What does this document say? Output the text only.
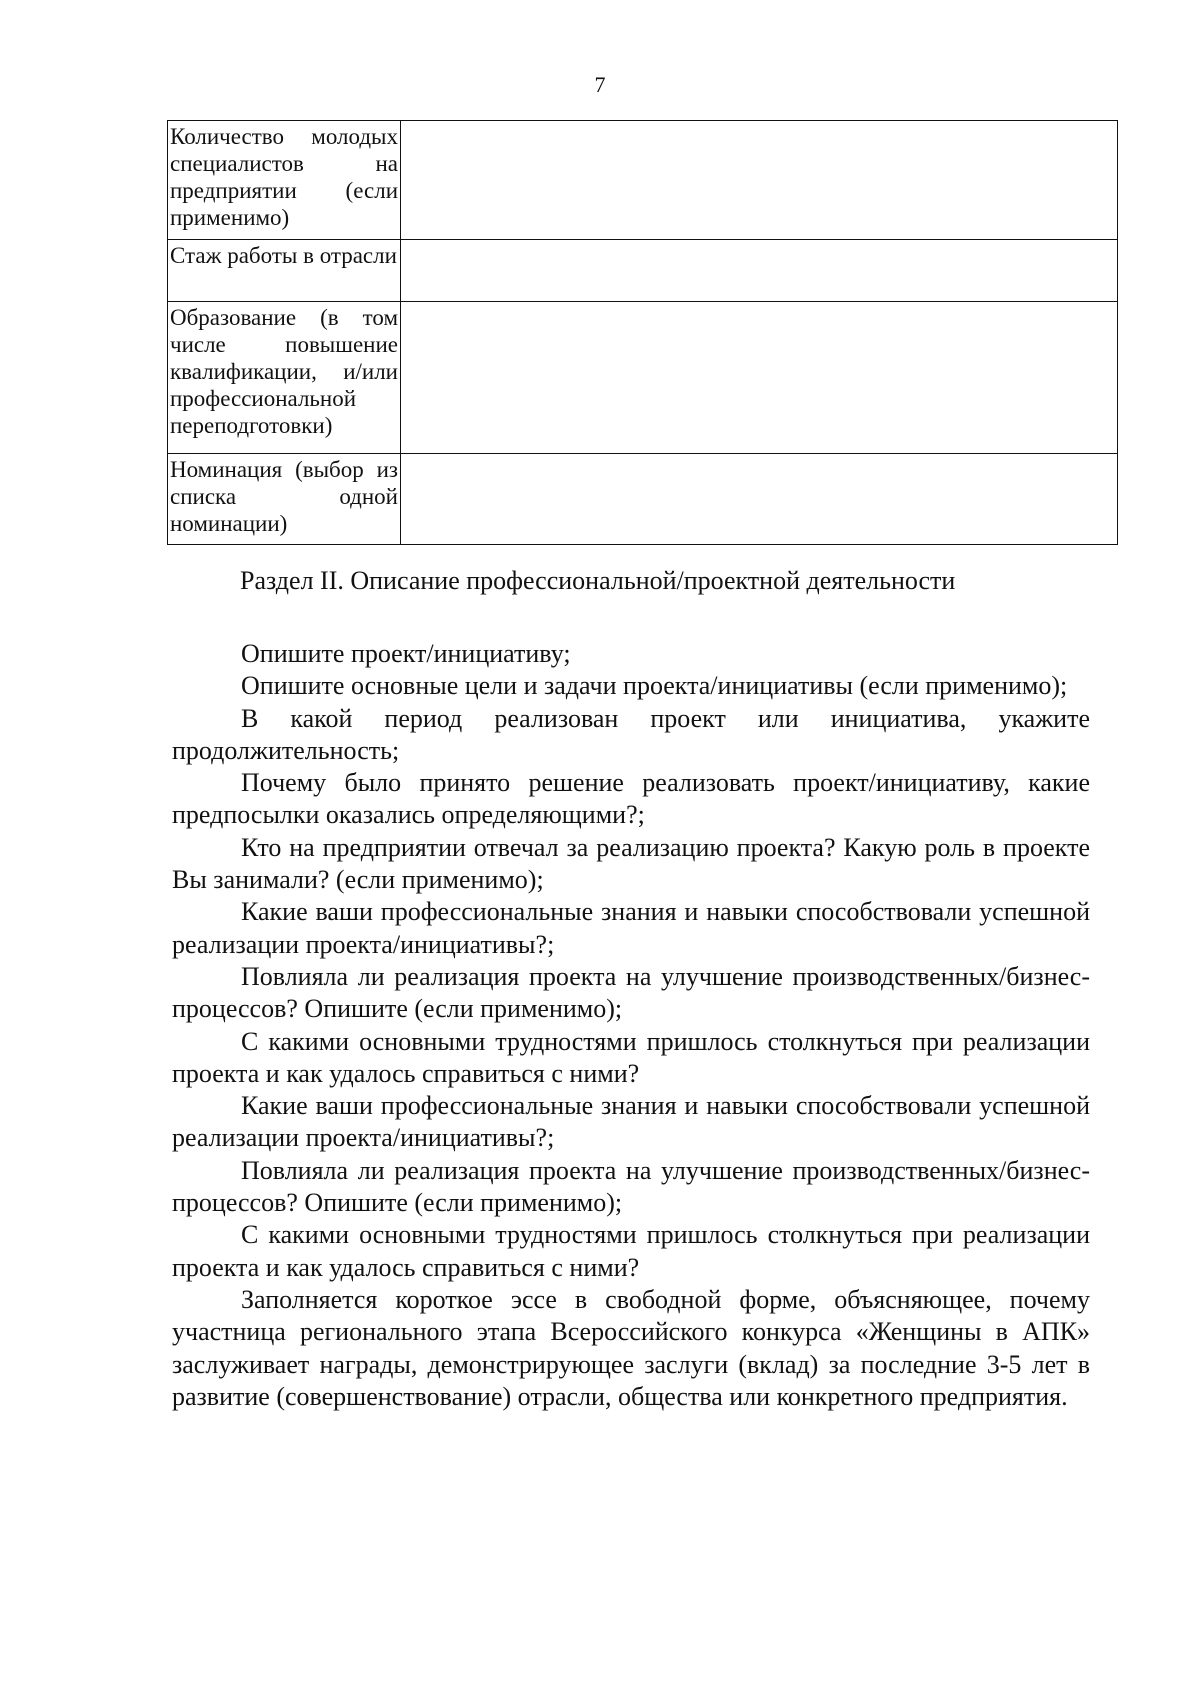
7
Количество молодых специалистов на предприятии (если применимо)	
Стаж работы в отрасли	
Образование (в том числе повышение квалификации, и/или профессиональной переподготовки)	
Номинация (выбор из списка одной номинации)	
Раздел II. Описание профессиональной/проектной деятельности

Опишите проект/инициативу;

Опишите основные цели и задачи проекта/инициативы (если применимо);

В какой период реализован проект или инициатива, укажите продолжительность;

Почему было принято решение реализовать проект/инициативу, какие предпосылки оказались определяющими?;

Кто на предприятии отвечал за реализацию проекта? Какую роль в проекте Вы занимали? (если применимо);

Какие ваши профессиональные знания и навыки способствовали успешной реализации проекта/инициативы?;

Повлияла ли реализация проекта на улучшение производственных/бизнес-процессов? Опишите (если применимо);

С какими основными трудностями пришлось столкнуться при реализации проекта и как удалось справиться с ними?

Какие ваши профессиональные знания и навыки способствовали успешной реализации проекта/инициативы?;

Повлияла ли реализация проекта на улучшение производственных/бизнес-процессов? Опишите (если применимо);

С какими основными трудностями пришлось столкнуться при реализации проекта и как удалось справиться с ними?

Заполняется короткое эссе в свободной форме, объясняющее, почему участница регионального этапа Всероссийского конкурса «Женщины в АПК» заслуживает награды, демонстрирующее заслуги (вклад) за последние 3-5 лет в развитие (совершенствование) отрасли, общества или конкретного предприятия.
